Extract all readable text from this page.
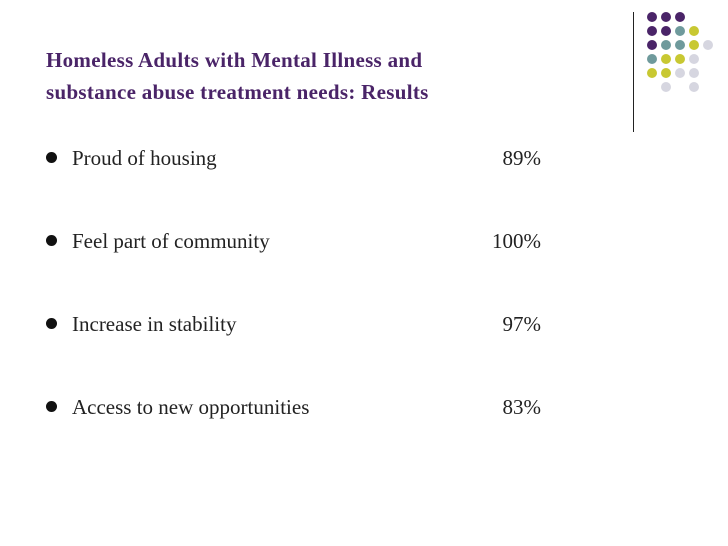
Homeless Adults with Mental Illness and
substance abuse treatment needs: Results
Proud of housing	89%
Feel part of community	100%
Increase in stability	97%
Access to new opportunities	83%
